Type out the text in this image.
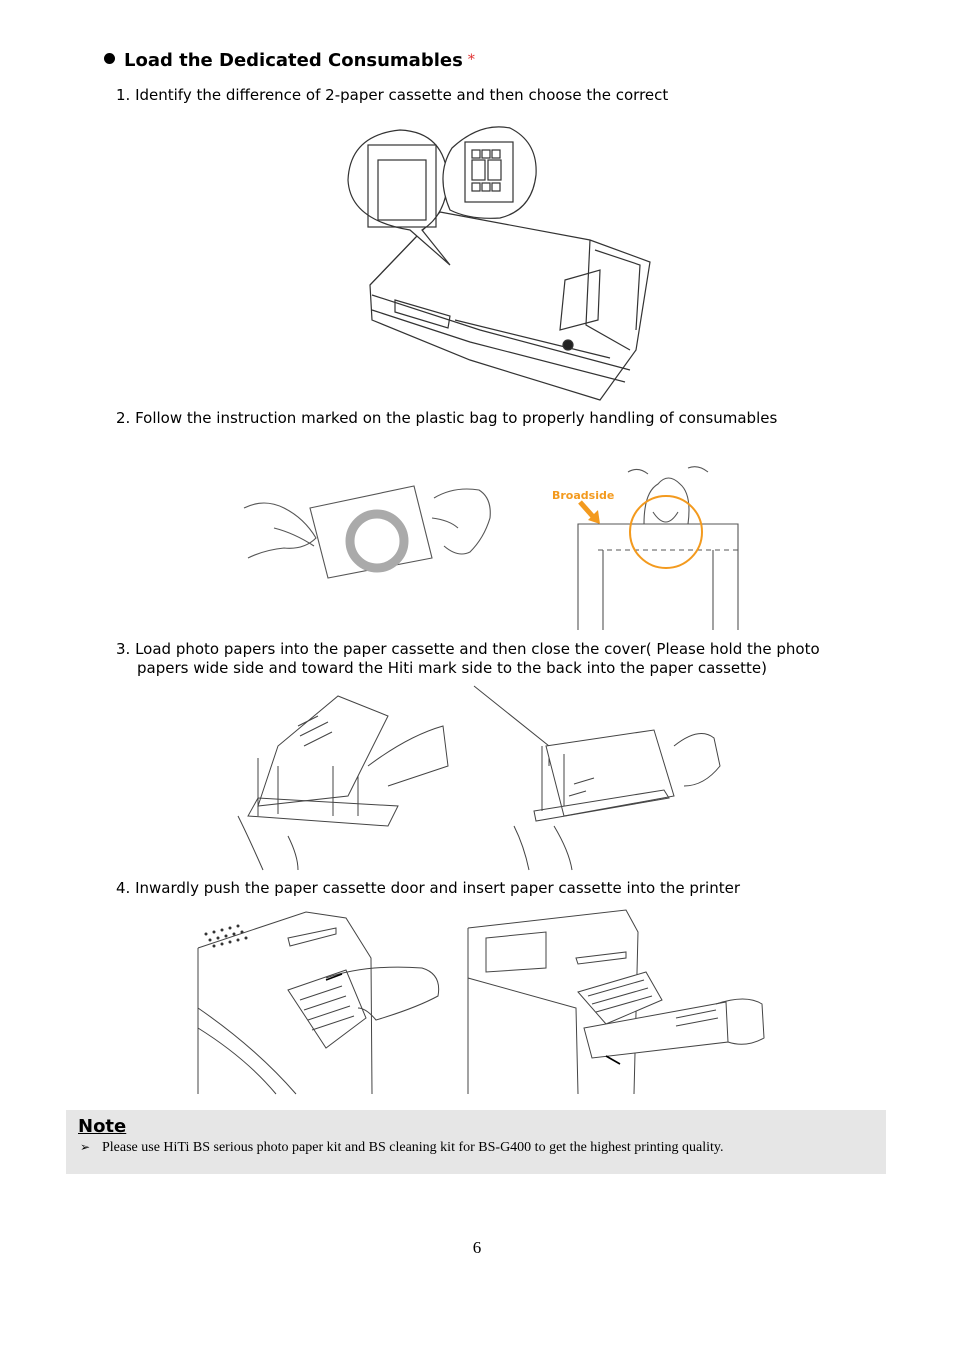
Load the Dedicated Consumables *
1. Identify the difference of 2-paper cassette and then choose the correct
2. Follow the instruction marked on the plastic bag to properly handling of consumables
Broadside
3. Load photo papers into the paper cassette and then close the cover( Please hold the photo
papers wide side and toward the Hiti mark side to the back into the paper cassette)
4. Inwardly push the paper cassette door and insert paper cassette into the printer
Note
➢ Please use HiTi BS serious photo paper kit and BS cleaning kit for BS-G400 to get the highest printing quality.
6
